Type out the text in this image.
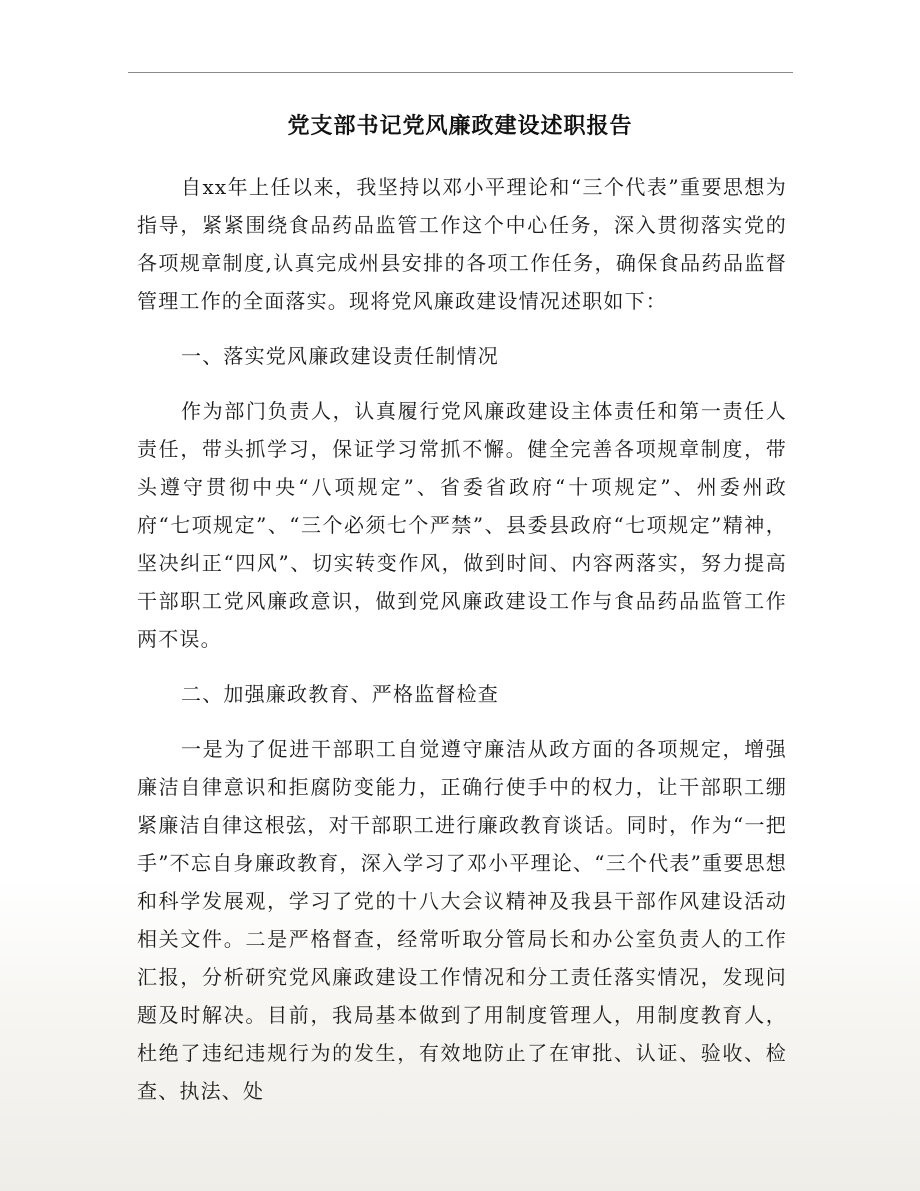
党支部书记党风廉政建设述职报告

自xx年上任以来，我坚持以邓小平理论和“三个代表”重要思想为指导，紧紧围绕食品药品监管工作这个中心任务，深入贯彻落实党的各项规章制度,认真完成州县安排的各项工作任务，确保食品药品监督管理工作的全面落实。现将党风廉政建设情况述职如下：

一、落实党风廉政建设责任制情况

作为部门负责人，认真履行党风廉政建设主体责任和第一责任人责任，带头抓学习，保证学习常抓不懈。健全完善各项规章制度，带头遵守贯彻中央“八项规定”、省委省政府“十项规定”、州委州政府“七项规定”、“三个必须七个严禁”、县委县政府“七项规定”精神，坚决纠正“四风”、切实转变作风，做到时间、内容两落实，努力提高干部职工党风廉政意识，做到党风廉政建设工作与食品药品监管工作两不误。

二、加强廉政教育、严格监督检查

一是为了促进干部职工自觉遵守廉洁从政方面的各项规定，增强廉洁自律意识和拒腐防变能力，正确行使手中的权力，让干部职工绷紧廉洁自律这根弦，对干部职工进行廉政教育谈话。同时，作为“一把手”不忘自身廉政教育，深入学习了邓小平理论、“三个代表”重要思想和科学发展观，学习了党的十八大会议精神及我县干部作风建设活动相关文件。二是严格督查，经常听取分管局长和办公室负责人的工作汇报，分析研究党风廉政建设工作情况和分工责任落实情况，发现问题及时解决。目前，我局基本做到了用制度管理人，用制度教育人，杜绝了违纪违规行为的发生，有效地防止了在审批、认证、验收、检查、执法、处
